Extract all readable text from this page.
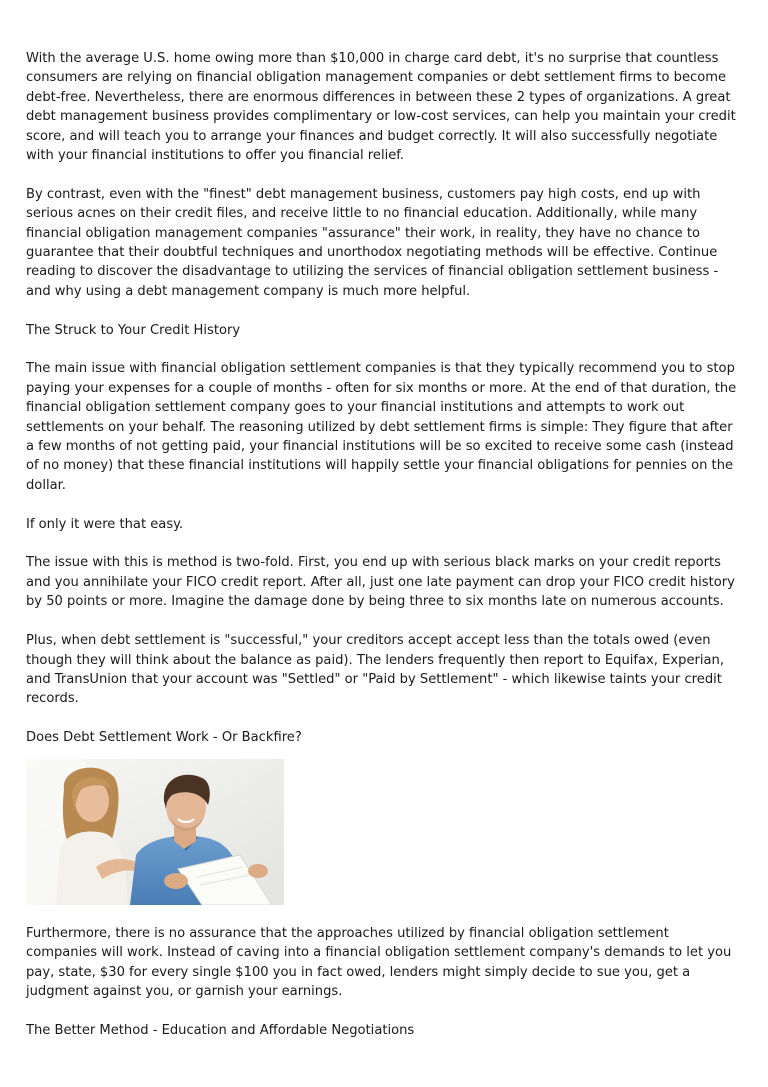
With the average U.S. home owing more than $10,000 in charge card debt, it's no surprise that countless consumers are relying on financial obligation management companies or debt settlement firms to become debt-free. Nevertheless, there are enormous differences in between these 2 types of organizations. A great debt management business provides complimentary or low-cost services, can help you maintain your credit score, and will teach you to arrange your finances and budget correctly. It will also successfully negotiate with your financial institutions to offer you financial relief.

By contrast, even with the "finest" debt management business, customers pay high costs, end up with serious acnes on their credit files, and receive little to no financial education. Additionally, while many financial obligation management companies "assurance" their work, in reality, they have no chance to guarantee that their doubtful techniques and unorthodox negotiating methods will be effective. Continue reading to discover the disadvantage to utilizing the services of financial obligation settlement business - and why using a debt management company is much more helpful.

The Struck to Your Credit History

The main issue with financial obligation settlement companies is that they typically recommend you to stop paying your expenses for a couple of months - often for six months or more. At the end of that duration, the financial obligation settlement company goes to your financial institutions and attempts to work out settlements on your behalf. The reasoning utilized by debt settlement firms is simple: They figure that after a few months of not getting paid, your financial institutions will be so excited to receive some cash (instead of no money) that these financial institutions will happily settle your financial obligations for pennies on the dollar.

If only it were that easy.

The issue with this is method is two-fold. First, you end up with serious black marks on your credit reports and you annihilate your FICO credit report. After all, just one late payment can drop your FICO credit history by 50 points or more. Imagine the damage done by being three to six months late on numerous accounts.

Plus, when debt settlement is "successful," your creditors accept accept less than the totals owed (even though they will think about the balance as paid). The lenders frequently then report to Equifax, Experian, and TransUnion that your account was "Settled" or "Paid by Settlement" - which likewise taints your credit records.

Does Debt Settlement Work - Or Backfire?

Furthermore, there is no assurance that the approaches utilized by financial obligation settlement companies will work. Instead of caving into a financial obligation settlement company's demands to let you pay, state, $30 for every single $100 you in fact owed, lenders might simply decide to sue you, get a judgment against you, or garnish your earnings.

The Better Method - Education and Affordable Negotiations
